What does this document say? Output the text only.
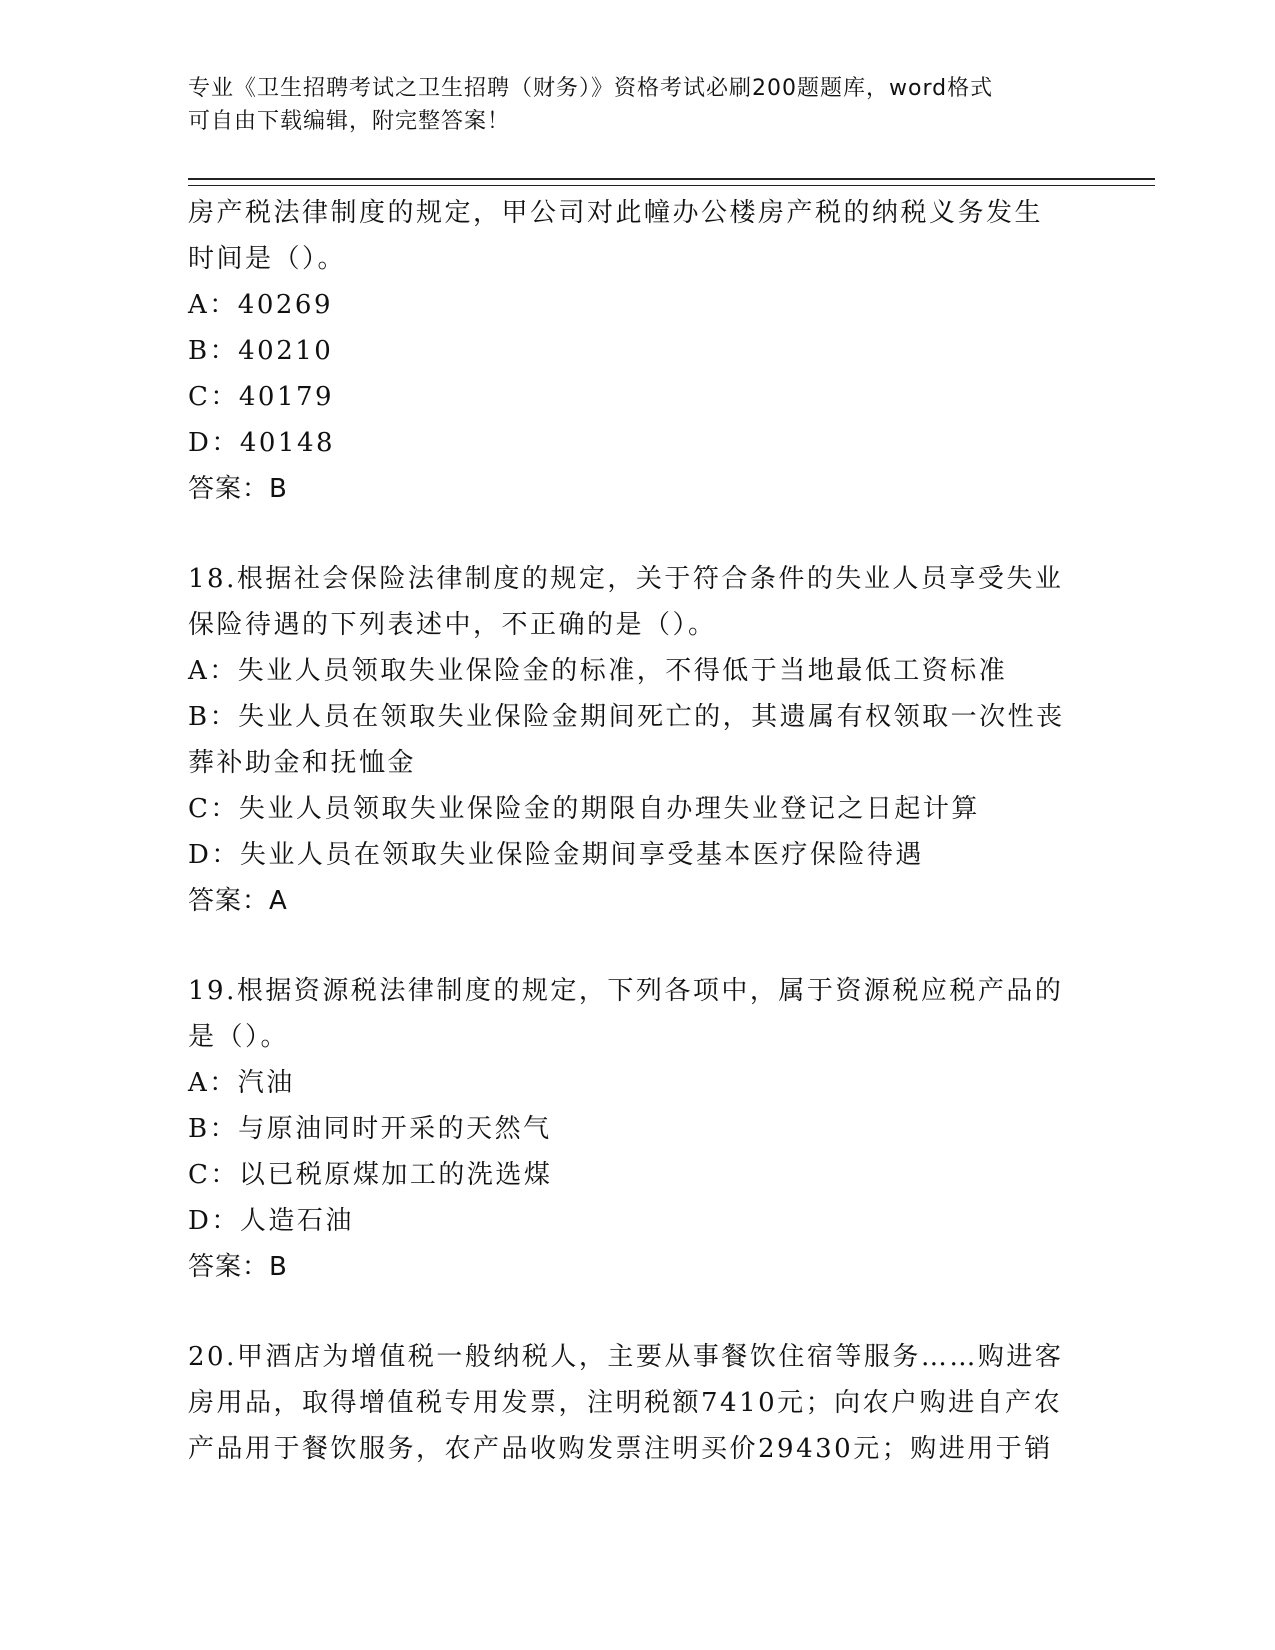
专业《卫生招聘考试之卫生招聘（财务）》资格考试必刷200题题库，word格式
可自由下载编辑，附完整答案！
房产税法律制度的规定，甲公司对此幢办公楼房产税的纳税义务发生
时间是（）。
A：40269
B：40210
C：40179
D：40148
答案：B
18.根据社会保险法律制度的规定，关于符合条件的失业人员享受失业
保险待遇的下列表述中，不正确的是（）。
A：失业人员领取失业保险金的标准，不得低于当地最低工资标准
B：失业人员在领取失业保险金期间死亡的，其遗属有权领取一次性丧
葬补助金和抚恤金
C：失业人员领取失业保险金的期限自办理失业登记之日起计算
D：失业人员在领取失业保险金期间享受基本医疗保险待遇
答案：A
19.根据资源税法律制度的规定，下列各项中，属于资源税应税产品的
是（）。
A：汽油
B：与原油同时开采的天然气
C：以已税原煤加工的洗选煤
D：人造石油
答案：B
20.甲酒店为增值税一般纳税人，主要从事餐饮住宿等服务……购进客
房用品，取得增值税专用发票，注明税额7410元；向农户购进自产农
产品用于餐饮服务，农产品收购发票注明买价29430元；购进用于销
